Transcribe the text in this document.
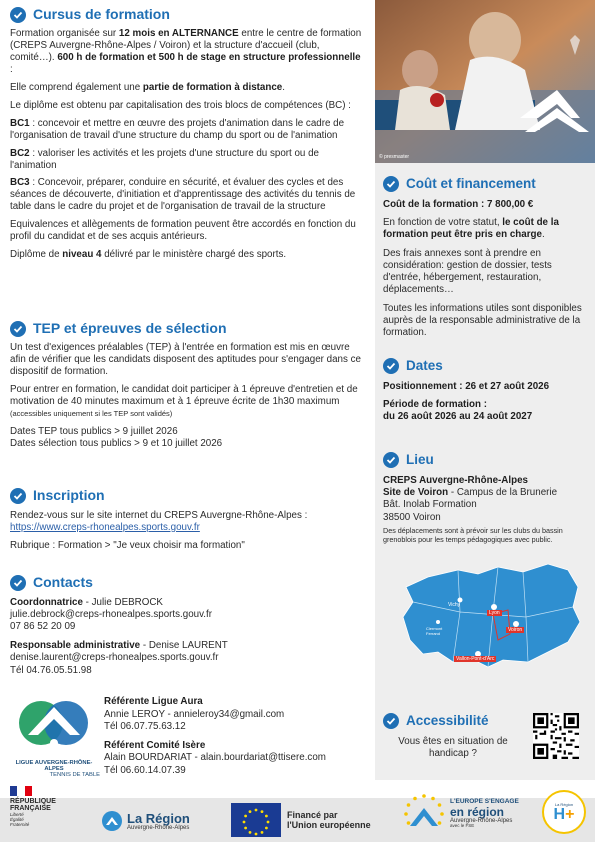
© presmaster
Cursus de formation

Formation organisée sur 12 mois en ALTERNANCE entre le centre de formation (CREPS Auvergne-Rhône-Alpes / Voiron) et la structure d'accueil (club, comité…). 600 h de formation et 500 h de stage en structure professionnelle :

Elle comprend également une partie de formation à distance.

Le diplôme est obtenu par capitalisation des trois blocs de compétences (BC) :

BC1 : concevoir et mettre en œuvre des projets d'animation dans le cadre de l'organisation de travail d'une structure du champ du sport ou de l'animation

BC2 : valoriser les activités et les projets d'une structure du sport ou de l'animation

BC3 : Concevoir, préparer, conduire en sécurité, et évaluer des cycles et des séances de découverte, d'initiation et d'apprentissage des activités du tennis de table dans le cadre du projet et de l'organisation de travail de la structure

Equivalences et allègements de formation peuvent être accordés en fonction du profil du candidat et de ses acquis antérieurs.

Diplôme de niveau 4 délivré par le ministère chargé des sports.

TEP et épreuves de sélection

Un test d'exigences préalables (TEP) à l'entrée en formation est mis en œuvre afin de vérifier que les candidats disposent des aptitudes pour s'engager dans ce dispositif de formation.

Pour entrer en formation, le candidat doit participer à 1 épreuve d'entretien et de motivation de 40 minutes maximum et à 1 épreuve écrite de 1h30 maximum (accessibles uniquement si les TEP sont validés)

Dates TEP tous publics > 9 juillet 2026
Dates sélection tous publics > 9 et 10 juillet 2026
Inscription
Rendez-vous sur le site internet du CREPS Auvergne-Rhône-Alpes :
https://www.creps-rhonealpes.sports.gouv.fr
Rubrique : Formation > "Je veux choisir ma formation"
Contacts
Coordonnatrice - Julie DEBROCK
julie.debrock@creps-rhonealpes.sports.gouv.fr
07 86 52 20 09
Responsable administrative - Denise LAURENT
denise.laurent@creps-rhonealpes.sports.gouv.fr
Tél 04.76.05.51.98
LIGUE AUVERGNE-RHÔNE-ALPES
TENNIS DE TABLE
Référente Ligue Aura
Annie LEROY - annieleroy34@gmail.com
Tél 06.07.75.63.12
Référent Comité Isère
Alain BOURDARIAT - alain.bourdariat@ttisere.com
Tél 06.60.14.07.39
Coût et financement

Coût de la formation : 7 800,00 €

En fonction de votre statut, le coût de la formation peut être pris en charge.

Des frais annexes sont à prendre en considération: gestion de dossier, tests d'entrée, hébergement, restauration, déplacements…

Toutes les informations utiles sont disponibles auprès de la responsable administrative de la formation.

Dates

Positionnement : 26 et 27 août 2026

Période de formation :
du 26 août 2026 au 24 août 2027
Lieu
CREPS Auvergne-Rhône-Alpes
Site de Voiron - Campus de la Brunerie
Bât. Inolab Formation
38500 Voiron
Des déplacements sont à prévoir sur les clubs du bassin grenoblois pour les temps pédagogiques avec public.
Vichy
Lyon
Voiron
Vallon-Pont-d'Arc
Clermont Ferrand
Accessibilité
Vous êtes en situation de handicap ?
RÉPUBLIQUE
FRANÇAISE
Liberté
Égalité
Fraternité	La Région
Auvergne-Rhône-Alpes
Financé par
l'Union européenne
L'EUROPE S'ENGAGE
en région
Auvergne-Rhône-Alpes
avec le FSE
La Région
H+
